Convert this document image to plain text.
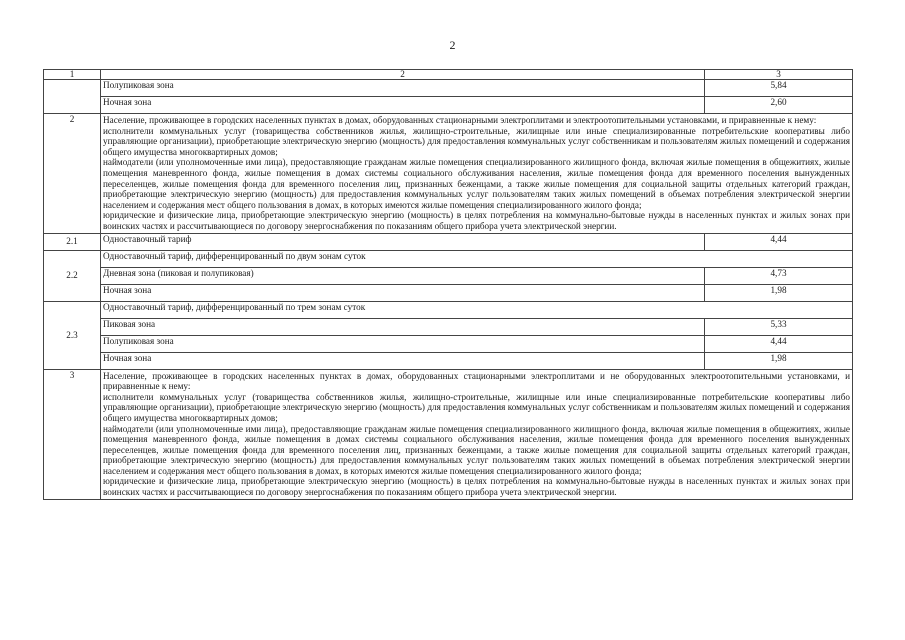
2
1	2	3
	Полупиковая зона	5,84
	Ночная зона	2,60
2	Население, проживающее в городских населенных пунктах в домах, оборудованных стационарными электроплитами и электроотопительными установками, и приравненные к нему:

исполнители коммунальных услуг (товарищества собственников жилья, жилищно-строительные, жилищные или иные специализированные потребительские кооперативы либо управляющие организации), приобретающие электрическую энергию (мощность) для предоставления коммунальных услуг собственникам и пользователям жилых помещений и содержания общего имущества многоквартирных домов;

наймодатели (или уполномоченные ими лица), предоставляющие гражданам жилые помещения специализированного жилищного фонда, включая жилые помещения в общежитиях, жилые помещения маневренного фонда, жилые помещения в домах системы социального обслуживания населения, жилые помещения фонда для временного поселения вынужденных переселенцев, жилые помещения фонда для временного поселения лиц, признанных беженцами, а также жилые помещения для социальной защиты отдельных категорий граждан, приобретающие электрическую энергию (мощность) для предоставления коммунальных услуг пользователям таких жилых помещений в объемах потребления электрической энергии населением и содержания мест общего пользования в домах, в которых имеются жилые помещения специализированного жилого фонда;

юридические и физические лица, приобретающие электрическую энергию (мощность) в целях потребления на коммунально-бытовые нужды в населенных пунктах и жилых зонах при воинских частях и рассчитывающиеся по договору энергоснабжения по показаниям общего прибора учета электрической энергии.	

2.1	Одноставочный тариф	4,44
2.2	Одноставочный тариф, дифференцированный по двум зонам суток	
	Дневная зона (пиковая и полупиковая)	4,73
	Ночная зона	1,98
2.3	Одноставочный тариф, дифференцированный по трем зонам суток	
	Пиковая зона	5,33
	Полупиковая зона	4,44
	Ночная зона	1,98
3	Население, проживающее в городских населенных пунктах в домах, оборудованных стационарными электроплитами и не оборудованных электроотопительными установками, и приравненные к нему:

исполнители коммунальных услуг (товарищества собственников жилья, жилищно-строительные, жилищные или иные специализированные потребительские кооперативы либо управляющие организации), приобретающие электрическую энергию (мощность) для предоставления коммунальных услуг собственникам и пользователям жилых помещений и содержания общего имущества многоквартирных домов;

наймодатели (или уполномоченные ими лица), предоставляющие гражданам жилые помещения специализированного жилищного фонда, включая жилые помещения в общежитиях, жилые помещения маневренного фонда, жилые помещения в домах системы социального обслуживания населения, жилые помещения фонда для временного поселения вынужденных переселенцев, жилые помещения фонда для временного поселения лиц, признанных беженцами, а также жилые помещения для социальной защиты отдельных категорий граждан, приобретающие электрическую энергию (мощность) для предоставления коммунальных услуг пользователям таких жилых помещений в объемах потребления электрической энергии населением и содержания мест общего пользования в домах, в которых имеются жилые помещения специализированного жилого фонда;

юридические и физические лица, приобретающие электрическую энергию (мощность) в целях потребления на коммунально-бытовые нужды в населенных пунктах и жилых зонах при воинских частях и рассчитывающиеся по договору энергоснабжения по показаниям общего прибора учета электрической энергии.	
